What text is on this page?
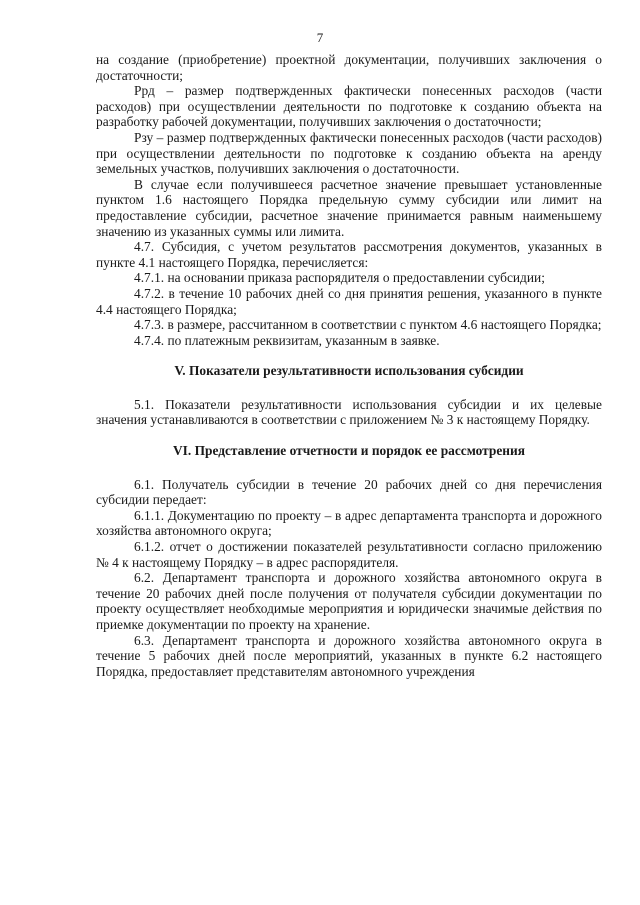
7

на создание (приобретение) проектной документации, получивших заключения о достаточности;

Ррд – размер подтвержденных фактически понесенных расходов (части расходов) при осуществлении деятельности по подготовке к созданию объекта на разработку рабочей документации, получивших заключения о достаточности;

Рзу – размер подтвержденных фактически понесенных расходов (части расходов) при осуществлении деятельности по подготовке к созданию объекта на аренду земельных участков, получивших заключения о достаточности.

В случае если получившееся расчетное значение превышает установленные пунктом 1.6 настоящего Порядка предельную сумму субсидии или лимит на предоставление субсидии, расчетное значение принимается равным наименьшему значению из указанных суммы или лимита.

4.7. Субсидия, с учетом результатов рассмотрения документов, указанных в пункте 4.1 настоящего Порядка, перечисляется:

4.7.1. на основании приказа распорядителя о предоставлении субсидии;

4.7.2. в течение 10 рабочих дней со дня принятия решения, указанного в пункте 4.4 настоящего Порядка;

4.7.3. в размере, рассчитанном в соответствии с пунктом 4.6 настоящего Порядка;

4.7.4. по платежным реквизитам, указанным в заявке.

V. Показатели результативности использования субсидии

5.1. Показатели результативности использования субсидии и их целевые значения устанавливаются в соответствии с приложением № 3 к настоящему Порядку.

VI. Представление отчетности и порядок ее рассмотрения

6.1. Получатель субсидии в течение 20 рабочих дней со дня перечисления субсидии передает:

6.1.1. Документацию по проекту – в адрес департамента транспорта и дорожного хозяйства автономного округа;

6.1.2. отчет о достижении показателей результативности согласно приложению № 4 к настоящему Порядку – в адрес распорядителя.

6.2. Департамент транспорта и дорожного хозяйства автономного округа в течение 20 рабочих дней после получения от получателя субсидии документации по проекту осуществляет необходимые мероприятия и юридически значимые действия по приемке документации по проекту на хранение.

6.3. Департамент транспорта и дорожного хозяйства автономного округа в течение 5 рабочих дней после мероприятий, указанных в пункте 6.2 настоящего Порядка, предоставляет представителям автономного учреждения
